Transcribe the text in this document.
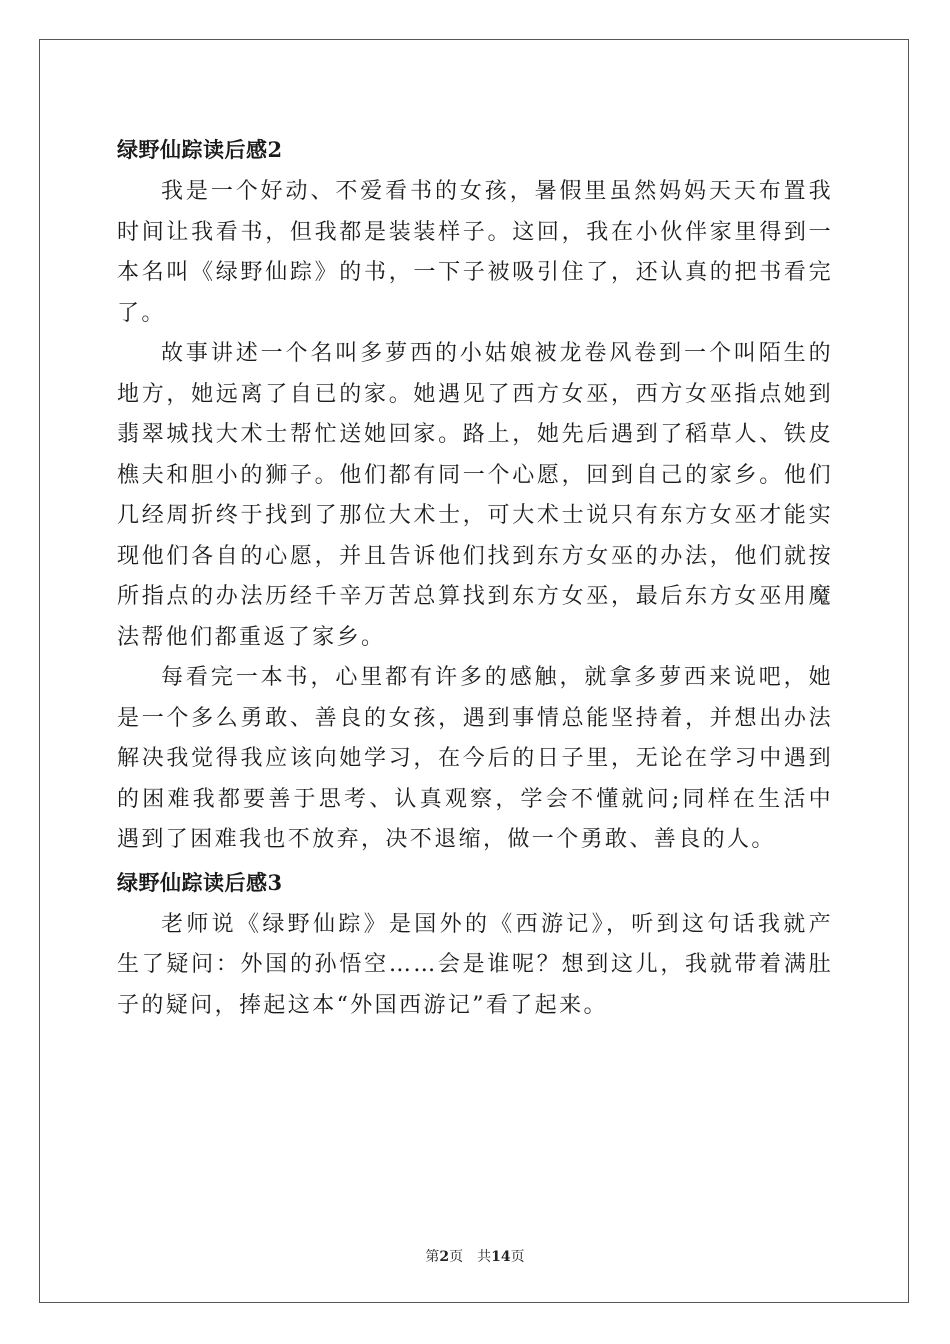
绿野仙踪读后感2

我是一个好动、不爱看书的女孩，暑假里虽然妈妈天天布置我时间让我看书，但我都是装装样子。这回，我在小伙伴家里得到一本名叫《绿野仙踪》的书，一下子被吸引住了，还认真的把书看完了。

故事讲述一个名叫多萝西的小姑娘被龙卷风卷到一个叫陌生的地方，她远离了自已的家。她遇见了西方女巫，西方女巫指点她到翡翠城找大术士帮忙送她回家。路上，她先后遇到了稻草人、铁皮樵夫和胆小的狮子。他们都有同一个心愿，回到自己的家乡。他们几经周折终于找到了那位大术士，可大术士说只有东方女巫才能实现他们各自的心愿，并且告诉他们找到东方女巫的办法，他们就按所指点的办法历经千辛万苦总算找到东方女巫，最后东方女巫用魔法帮他们都重返了家乡。

每看完一本书，心里都有许多的感触，就拿多萝西来说吧，她是一个多么勇敢、善良的女孩，遇到事情总能坚持着，并想出办法解决我觉得我应该向她学习，在今后的日子里，无论在学习中遇到的困难我都要善于思考、认真观察，学会不懂就问;同样在生活中遇到了困难我也不放弃，决不退缩，做一个勇敢、善良的人。

绿野仙踪读后感3

老师说《绿野仙踪》是国外的《西游记》，听到这句话我就产生了疑问：外国的孙悟空……会是谁呢？想到这儿，我就带着满肚子的疑问，捧起这本“外国西游记”看了起来。

第2页 共14页
